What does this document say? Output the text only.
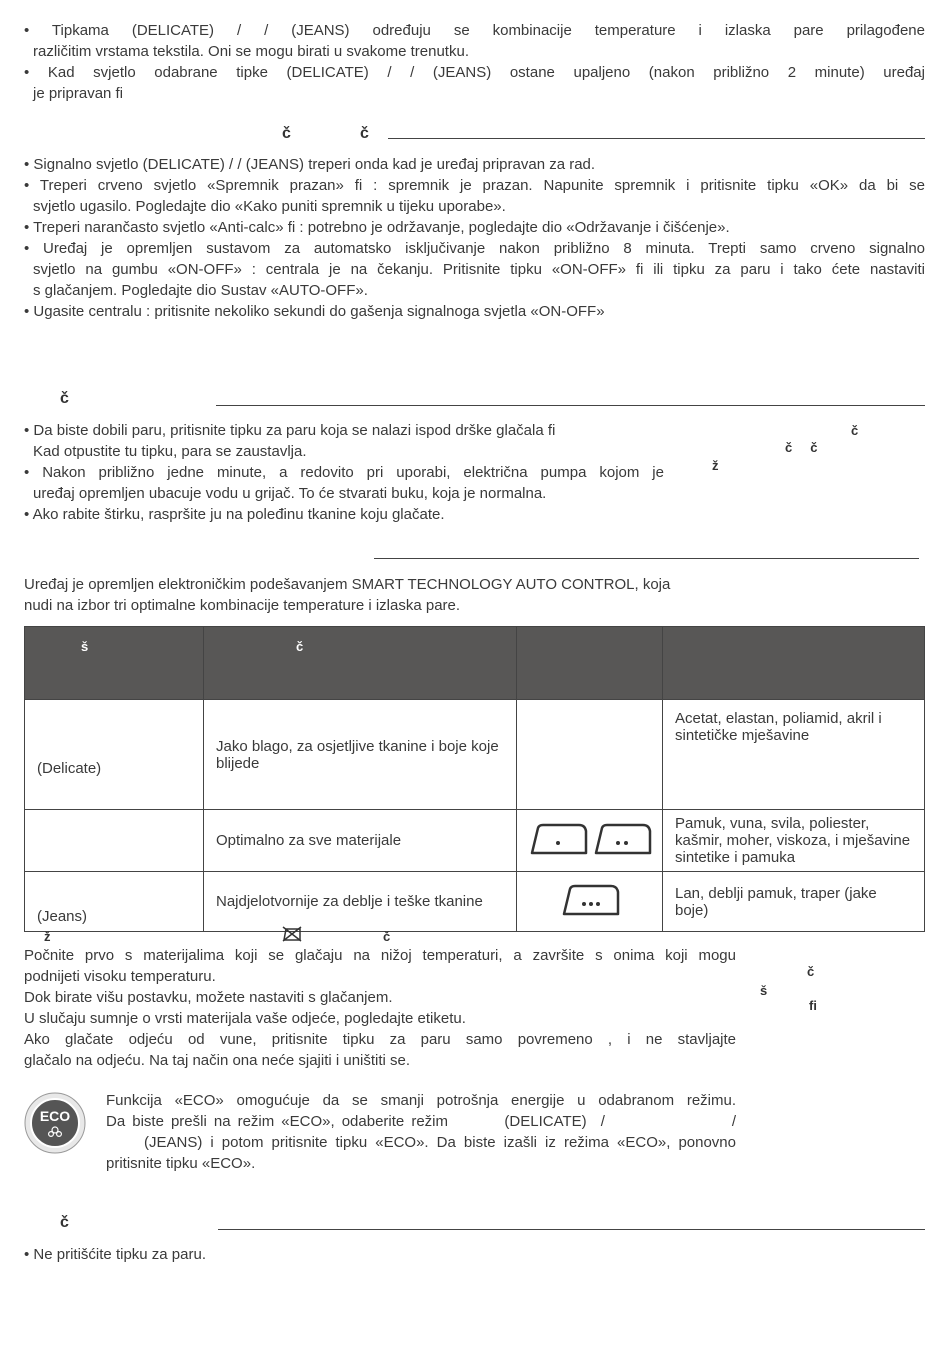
• Tipkama (DELICATE) / / (JEANS) određuju se kombinacije temperature i izlaska pare prilagođene
različitim vrstama tekstila. Oni se mogu birati u svakome trenutku.
• Kad svjetlo odabrane tipke (DELICATE) / / (JEANS) ostane upaljeno (nakon približno 2 minute) uređaj
je pripravan ﬁ
č	č
• Signalno svjetlo (DELICATE) / / (JEANS) treperi onda kad je uređaj pripravan za rad.
• Treperi crveno svjetlo «Spremnik prazan» ﬁ : spremnik je prazan. Napunite spremnik i pritisnite tipku «OK» da bi se
svjetlo ugasilo. Pogledajte dio «Kako puniti spremnik u tijeku uporabe».
• Treperi narančasto svjetlo «Anti-calc» ﬁ : potrebno je održavanje, pogledajte dio «Održavanje i čišćenje».
• Uređaj je opremljen sustavom za automatsko isključivanje nakon približno 8 minuta. Trepti samo crveno signalno
svjetlo na gumbu «ON-OFF» : centrala je na čekanju. Pritisnite tipku «ON-OFF» ﬁ ili tipku za paru i tako ćete nastaviti
s glačanjem. Pogledajte dio Sustav «AUTO-OFF».
• Ugasite centralu : pritisnite nekoliko sekundi do gašenja signalnoga svjetla «ON-OFF»
č
• Da biste dobili paru, pritisnite tipku za paru koja se nalazi ispod drške glačala ﬁ
Kad otpustite tu tipku, para se zaustavlja.
• Nakon približno jedne minute, a redovito pri uporabi, električna pumpa kojom je
uređaj opremljen ubacuje vodu u grijač. To će stvarati buku, koja je normalna.
• Ako rabite štirku, raspršite ju na poleđinu tkanine koju glačate.
č
č     č
ž
Uređaj je opremljen elektroničkim podešavanjem SMART TECHNOLOGY AUTO CONTROL, koja
nudi na izbor tri optimalne kombinacije temperature i izlaska pare.
š	č		
(Delicate)	Jako blago, za osjetljive tkanine i boje koje blijede		Acetat, elastan, poliamid, akril i sintetičke mješavine
	Optimalno za sve materijale		Pamuk, vuna, svila, poliester, kašmir, moher, viskoza, i mješavine sintetike i pamuka
(Jeans)	Najdjelotvornije za deblje i teške tkanine		Lan, deblji pamuk, traper (jake boje)
ž	č
Počnite prvo s materijalima koji se glačaju na nižoj temperaturi, a završite s onima koji mogu
podnijeti visoku temperaturu.
Dok birate višu postavku, možete nastaviti s glačanjem.
U slučaju sumnje o vrsti materijala vaše odjeće, pogledajte etiketu.
Ako glačate odjeću od vune, pritisnite tipku za paru samo povremeno , i ne stavljajte
glačalo na odjeću. Na taj način ona neće sjajiti i uništiti se.
č
š
ﬁ
ECO
Funkcija «ECO» omogućuje da se smanji potrošnja energije u odabranom režimu.
Da biste prešli na režim «ECO», odaberite režim        (DELICATE)  /                  /
(JEANS) i potom pritisnite tipku «ECO». Da biste izašli iz režima «ECO», ponovno
pritisnite tipku «ECO».
č
• Ne pritišćite tipku za paru.
